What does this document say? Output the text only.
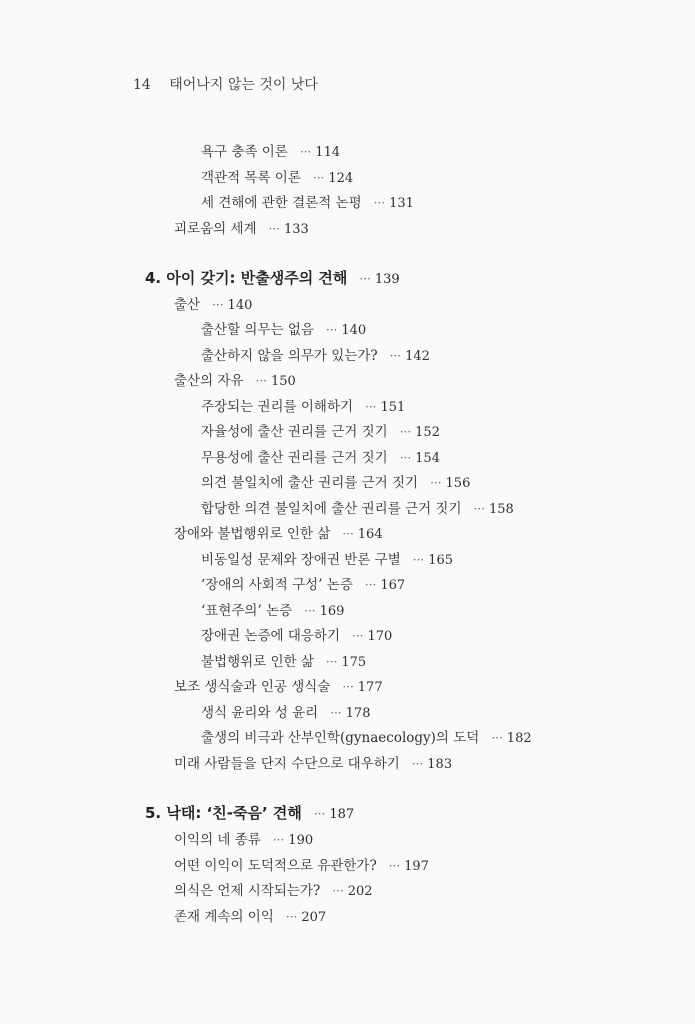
14 태어나지 않는 것이 낫다
욕구 충족 이론 ··· 114
객관적 목록 이론 ··· 124
세 견해에 관한 결론적 논평 ··· 131
괴로움의 세계 ··· 133
4. 아이 갖기: 반출생주의 견해 ··· 139
출산 ··· 140
출산할 의무는 없음 ··· 140
출산하지 않을 의무가 있는가? ··· 142
출산의 자유 ··· 150
주장되는 권리를 이해하기 ··· 151
자율성에 출산 권리를 근거 짓기 ··· 152
무용성에 출산 권리를 근거 짓기 ··· 154
의견 불일치에 출산 권리를 근거 짓기 ··· 156
합당한 의견 불일치에 출산 권리를 근거 짓기 ··· 158
장애와 불법행위로 인한 삶 ··· 164
비동일성 문제와 장애권 반론 구별 ··· 165
‘장애의 사회적 구성’ 논증 ··· 167
‘표현주의’ 논증 ··· 169
장애권 논증에 대응하기 ··· 170
불법행위로 인한 삶 ··· 175
보조 생식술과 인공 생식술 ··· 177
생식 윤리와 성 윤리 ··· 178
출생의 비극과 산부인학(gynaecology)의 도덕 ··· 182
미래 사람들을 단지 수단으로 대우하기 ··· 183
5. 낙태: ‘친-죽음’ 견해 ··· 187
이익의 네 종류 ··· 190
어떤 이익이 도덕적으로 유관한가? ··· 197
의식은 언제 시작되는가? ··· 202
존재 계속의 이익 ··· 207
